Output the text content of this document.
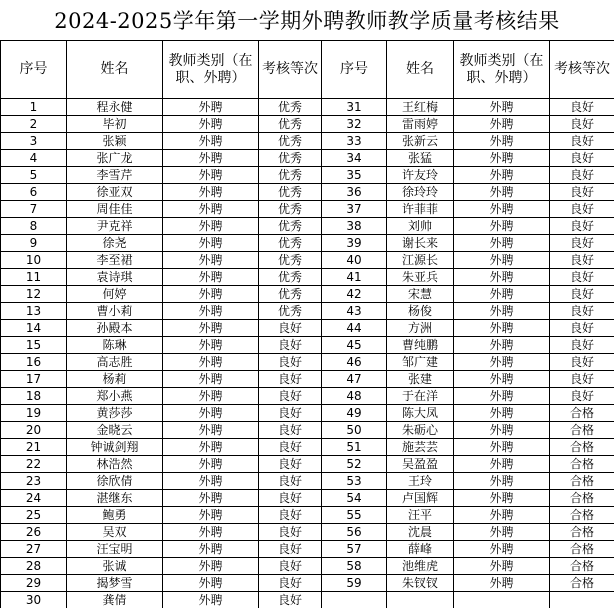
2024-2025学年第一学期外聘教师教学质量考核结果
序号	姓名	教师类别（在职、外聘）	考核等次	序号	姓名	教师类别（在职、外聘）	考核等次
1	程永健	外聘	优秀	31	王红梅	外聘	良好
2	毕初	外聘	优秀	32	雷雨婷	外聘	良好
3	张颖	外聘	优秀	33	张新云	外聘	良好
4	张广龙	外聘	优秀	34	张猛	外聘	良好
5	李雪芹	外聘	优秀	35	许友玲	外聘	良好
6	徐亚双	外聘	优秀	36	徐玲玲	外聘	良好
7	周佳佳	外聘	优秀	37	许菲菲	外聘	良好
8	尹克祥	外聘	优秀	38	刘帅	外聘	良好
9	徐尧	外聘	优秀	39	谢长来	外聘	良好
10	李至裙	外聘	优秀	40	江源长	外聘	良好
11	袁诗琪	外聘	优秀	41	朱亚兵	外聘	良好
12	何婷	外聘	优秀	42	宋慧	外聘	良好
13	曹小莉	外聘	优秀	43	杨俊	外聘	良好
14	孙殿本	外聘	良好	44	方洲	外聘	良好
15	陈琳	外聘	良好	45	曹纯鹏	外聘	良好
16	高志胜	外聘	良好	46	邹广建	外聘	良好
17	杨莉	外聘	良好	47	张建	外聘	良好
18	郑小燕	外聘	良好	48	于在洋	外聘	良好
19	黄莎莎	外聘	良好	49	陈大凤	外聘	合格
20	金晓云	外聘	良好	50	朱砺心	外聘	合格
21	钟诚剑翔	外聘	良好	51	施芸芸	外聘	合格
22	林浩然	外聘	良好	52	吴盈盈	外聘	合格
23	徐欣倩	外聘	良好	53	王玲	外聘	合格
24	湛继东	外聘	良好	54	卢国辉	外聘	合格
25	鲍勇	外聘	良好	55	汪平	外聘	合格
26	吴双	外聘	良好	56	沈晨	外聘	合格
27	汪宝明	外聘	良好	57	薛峰	外聘	合格
28	张诚	外聘	良好	58	池维虎	外聘	合格
29	揭梦雪	外聘	良好	59	朱钗钗	外聘	合格
30	龚倩	外聘	良好				
